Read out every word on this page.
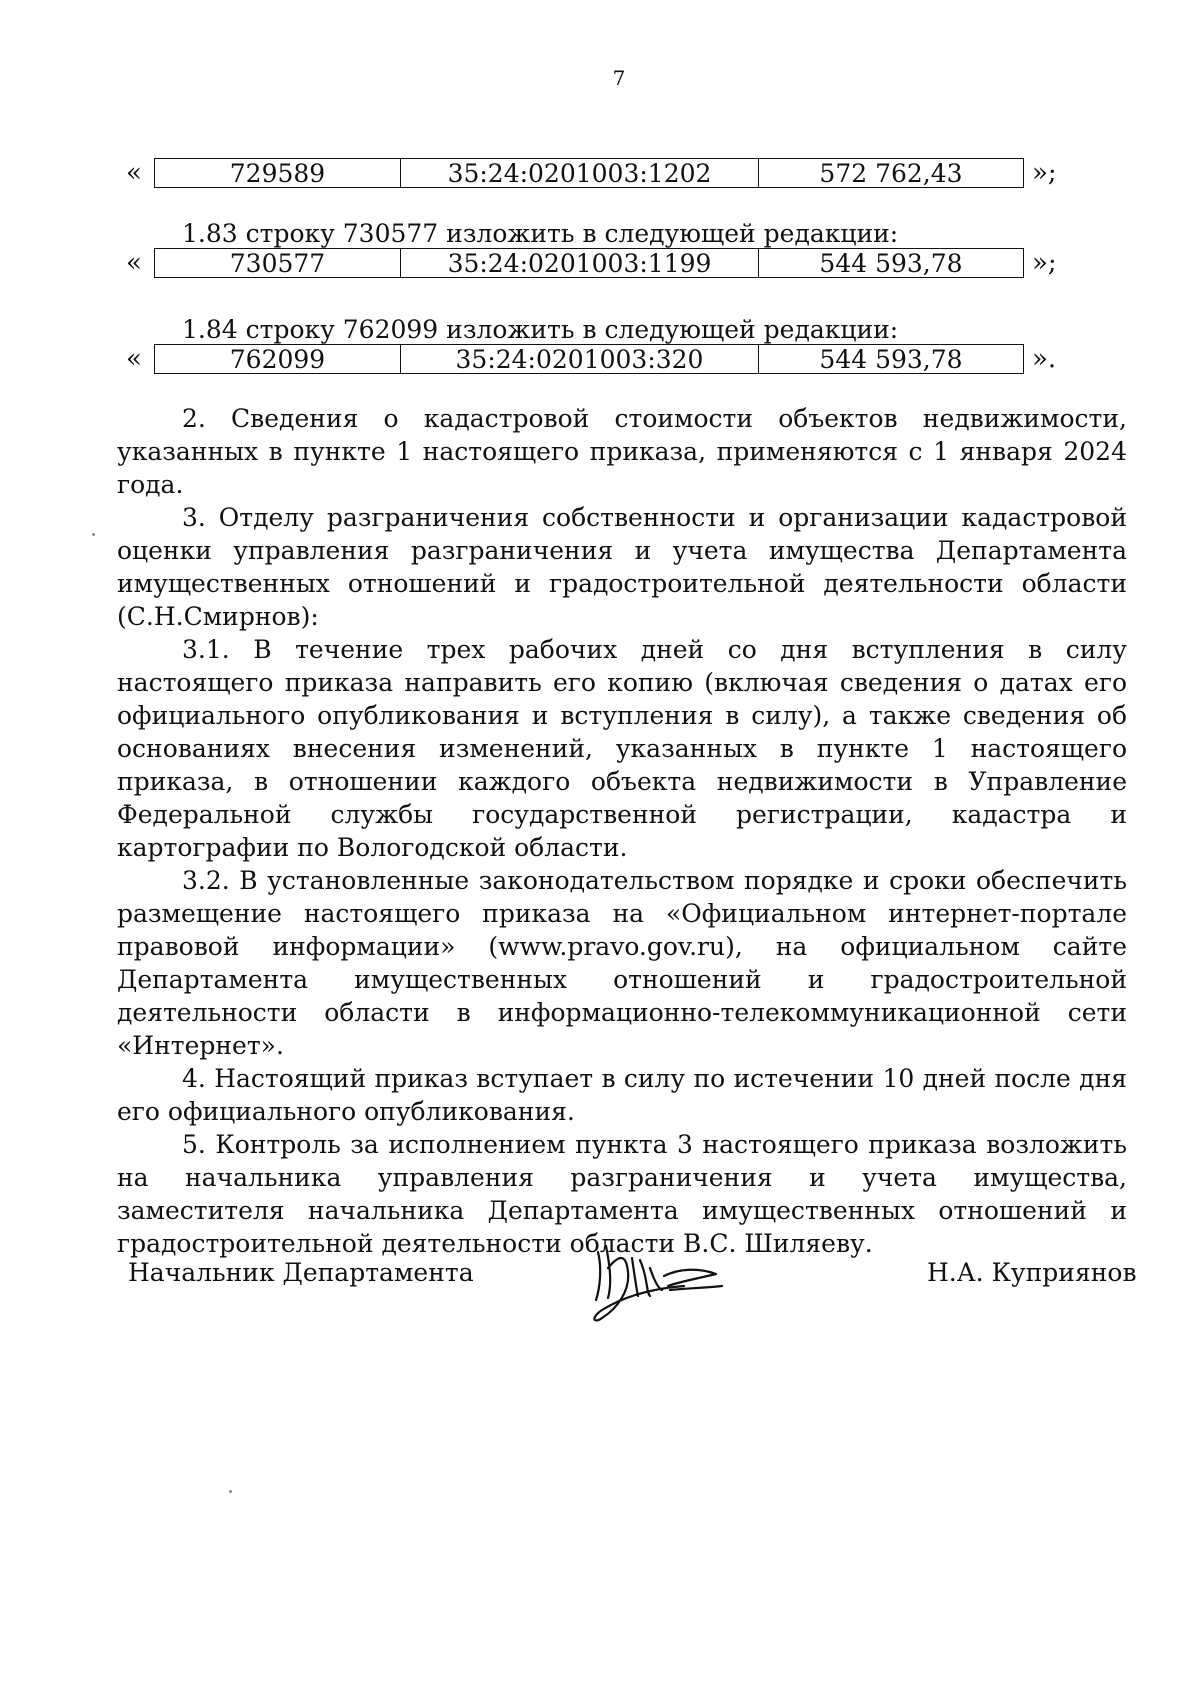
7
«	729589	35:24:0201003:1202	572 762,43	»;

1.83 строку 730577 изложить в следующей редакции:

«	730577	35:24:0201003:1199	544 593,78	»;

1.84 строку 762099 изложить в следующей редакции:

«	762099	35:24:0201003:320	544 593,78	».

2. Сведения о кадастровой стоимости объектов недвижимости, указанных в пункте 1 настоящего приказа, применяются с 1 января 2024 года.

3. Отделу разграничения собственности и организации кадастровой оценки управления разграничения и учета имущества Департамента имущественных отношений и градостроительной деятельности области (С.Н.Смирнов):

3.1. В течение трех рабочих дней со дня вступления в силу настоящего приказа направить его копию (включая сведения о датах его официального опубликования и вступления в силу), а также сведения об основаниях внесения изменений, указанных в пункте 1 настоящего приказа, в отношении каждого объекта недвижимости в Управление Федеральной службы государственной регистрации, кадастра и картографии по Вологодской области.

3.2. В установленные законодательством порядке и сроки обеспечить размещение настоящего приказа на «Официальном интернет-портале правовой информации» (www.pravo.gov.ru), на официальном сайте Департамента имущественных отношений и градостроительной деятельности области в информационно-телекоммуникационной сети «Интернет».

4. Настоящий приказ вступает в силу по истечении 10 дней после дня его официального опубликования.

5. Контроль за исполнением пункта 3 настоящего приказа возложить на начальника управления разграничения и учета имущества, заместителя начальника Департамента имущественных отношений и градостроительной деятельности области В.С. Шиляеву.

Начальник Департамента	Н.А. Куприянов
